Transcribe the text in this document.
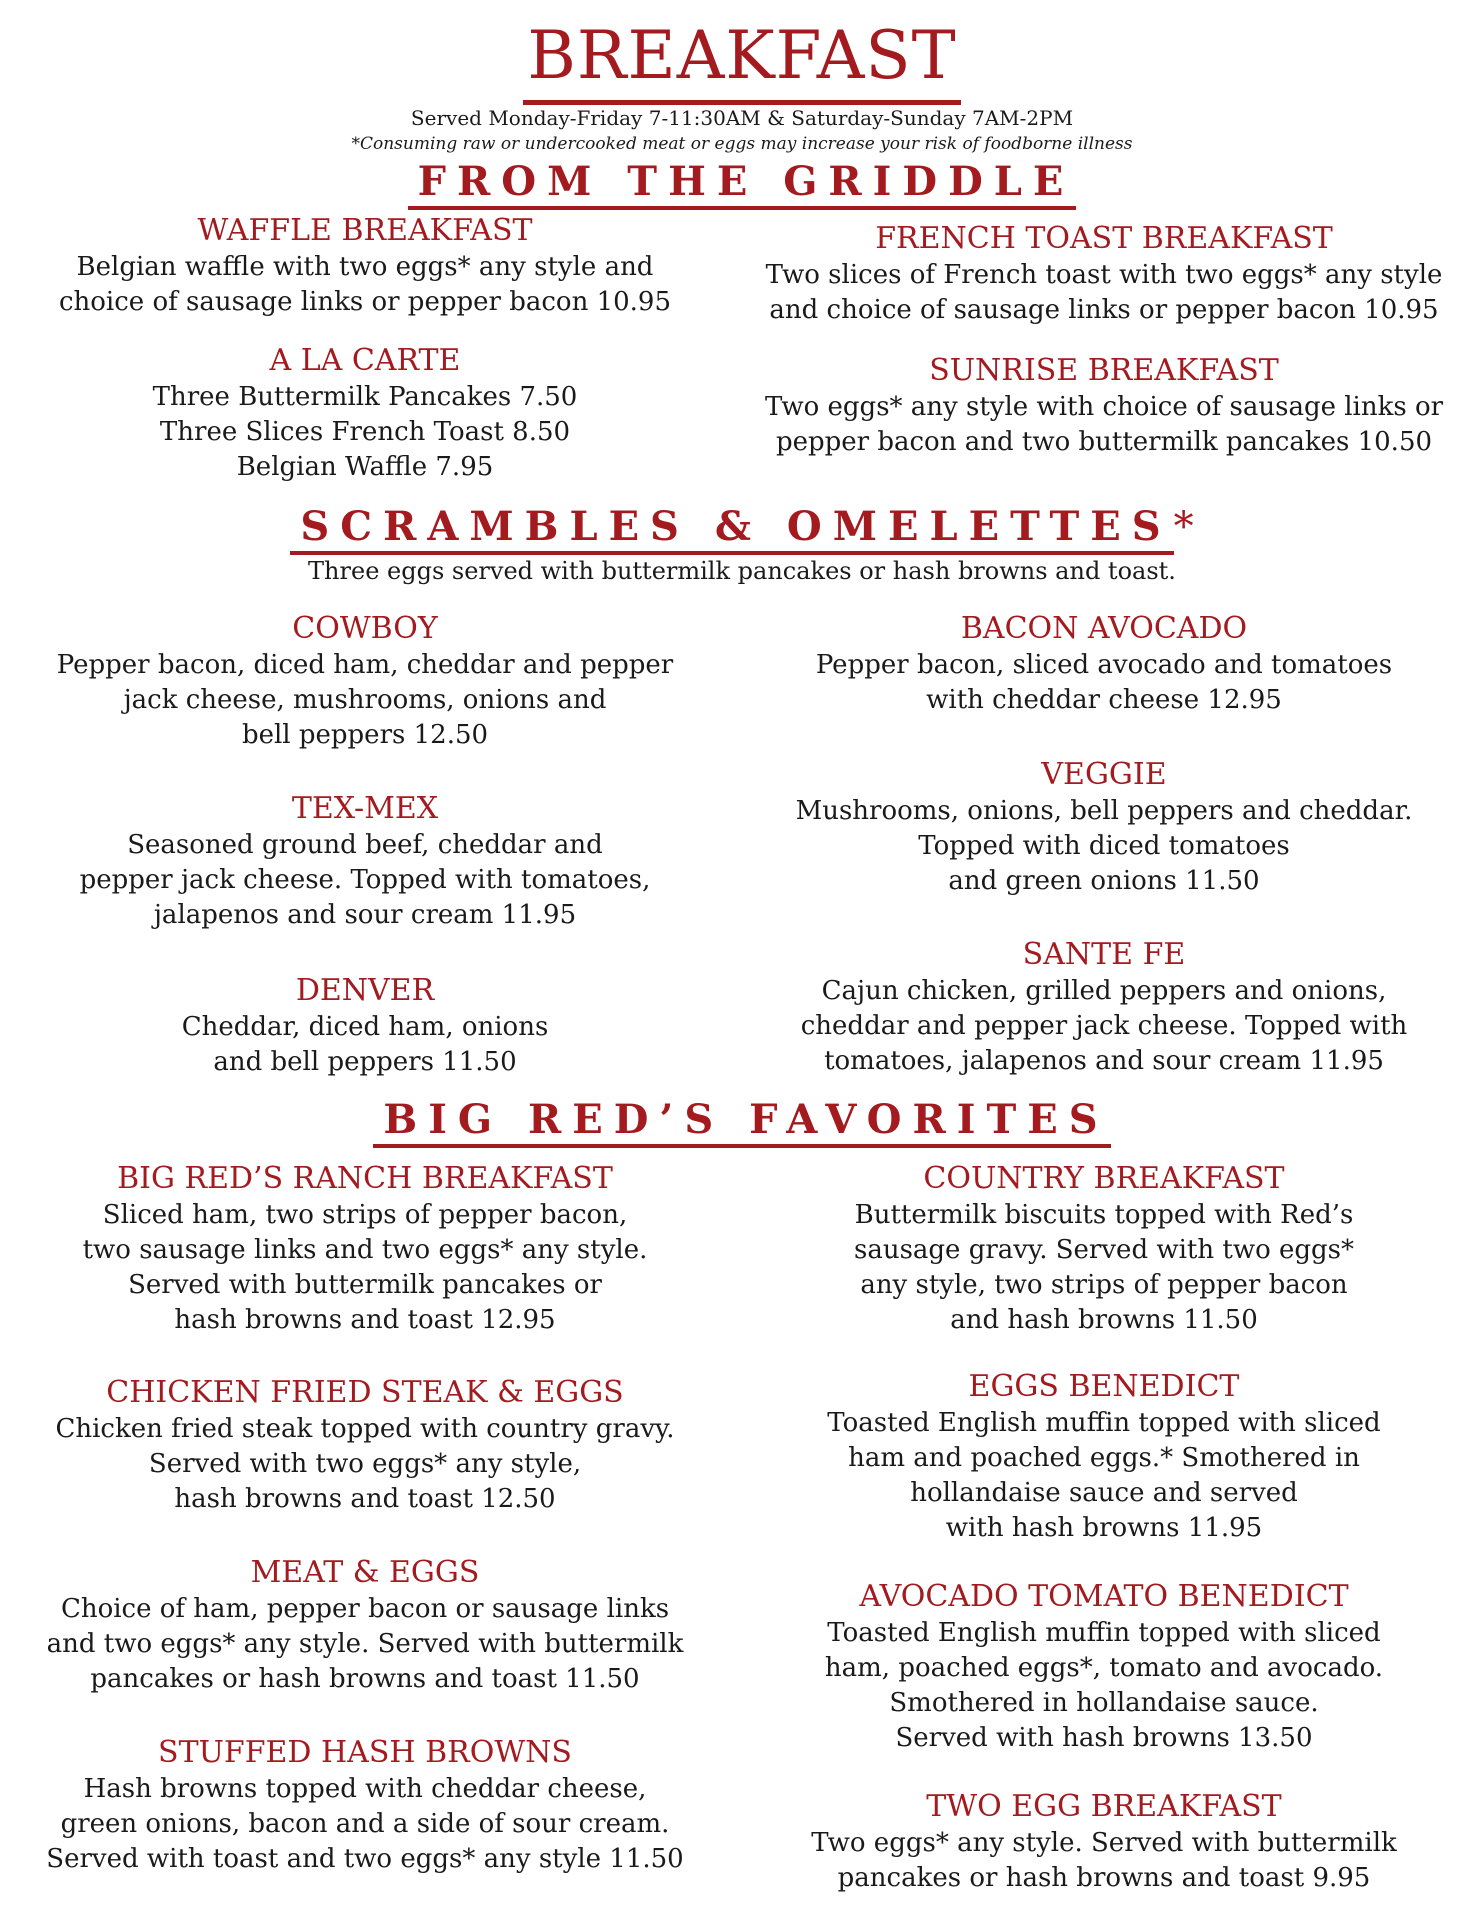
BREAKFAST

Served Monday-Friday 7-11:30AM & Saturday-Sunday 7AM-2PM

*Consuming raw or undercooked meat or eggs may increase your risk of foodborne illness

FROM THE GRIDDLE

WAFFLE BREAKFAST

Belgian waffle with two eggs* any style and
choice of sausage links or pepper bacon 10.95

FRENCH TOAST BREAKFAST

Two slices of French toast with two eggs* any style
and choice of sausage links or pepper bacon 10.95

A LA CARTE

Three Buttermilk Pancakes 7.50
Three Slices French Toast 8.50
Belgian Waffle 7.95

SUNRISE BREAKFAST

Two eggs* any style with choice of sausage links or
pepper bacon and two buttermilk pancakes 10.50

SCRAMBLES & OMELETTES*

Three eggs served with buttermilk pancakes or hash browns and toast.

COWBOY

Pepper bacon, diced ham, cheddar and pepper
jack cheese, mushrooms, onions and
bell peppers 12.50

BACON AVOCADO

Pepper bacon, sliced avocado and tomatoes
with cheddar cheese 12.95

VEGGIE

Mushrooms, onions, bell peppers and cheddar.
Topped with diced tomatoes
and green onions 11.50

TEX-MEX

Seasoned ground beef, cheddar and
pepper jack cheese. Topped with tomatoes,
jalapenos and sour cream 11.95

SANTE FE

Cajun chicken, grilled peppers and onions,
cheddar and pepper jack cheese. Topped with
tomatoes, jalapenos and sour cream 11.95

DENVER

Cheddar, diced ham, onions
and bell peppers 11.50

BIG RED’S FAVORITES

BIG RED’S RANCH BREAKFAST

Sliced ham, two strips of pepper bacon,
two sausage links and two eggs* any style.
Served with buttermilk pancakes or
hash browns and toast 12.95

COUNTRY BREAKFAST

Buttermilk biscuits topped with Red’s
sausage gravy. Served with two eggs*
any style, two strips of pepper bacon
and hash browns 11.50

CHICKEN FRIED STEAK & EGGS

Chicken fried steak topped with country gravy.
Served with two eggs* any style,
hash browns and toast 12.50

EGGS BENEDICT

Toasted English muffin topped with sliced
ham and poached eggs.* Smothered in
hollandaise sauce and served
with hash browns 11.95

MEAT & EGGS

Choice of ham, pepper bacon or sausage links
and two eggs* any style. Served with buttermilk
pancakes or hash browns and toast 11.50

AVOCADO TOMATO BENEDICT

Toasted English muffin topped with sliced
ham, poached eggs*, tomato and avocado.
Smothered in hollandaise sauce.
Served with hash browns 13.50

STUFFED HASH BROWNS

Hash browns topped with cheddar cheese,
green onions, bacon and a side of sour cream.
Served with toast and two eggs* any style 11.50

TWO EGG BREAKFAST

Two eggs* any style. Served with buttermilk
pancakes or hash browns and toast 9.95
